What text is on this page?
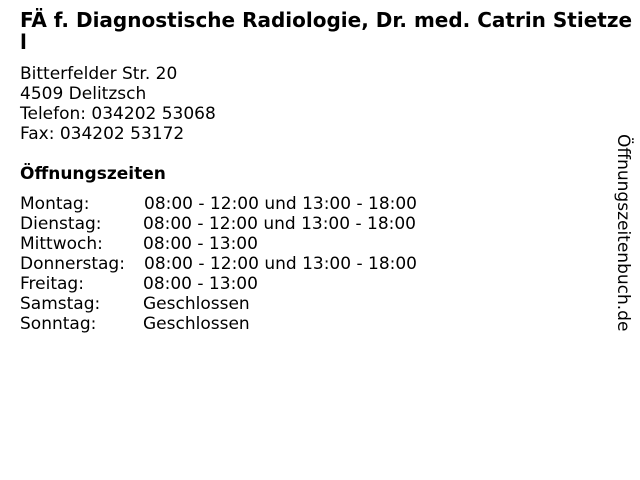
FÄ f. Diagnostische Radiologie, Dr. med. Catrin Stietzel
Bitterfelder Str. 20
4509 Delitzsch
Telefon: 034202 53068
Fax: 034202 53172
Öffnungszeiten
Montag:	08:00 - 12:00 und 13:00 - 18:00
Dienstag: 08:00 - 12:00 und 13:00 - 18:00
Mittwoch: 08:00 - 13:00
Donnerstag: 08:00 - 12:00 und 13:00 - 18:00
Freitag:	08:00 - 13:00
Samstag:	Geschlossen
Sonntag:	Geschlossen	Öffnungszeitenbuch.de
